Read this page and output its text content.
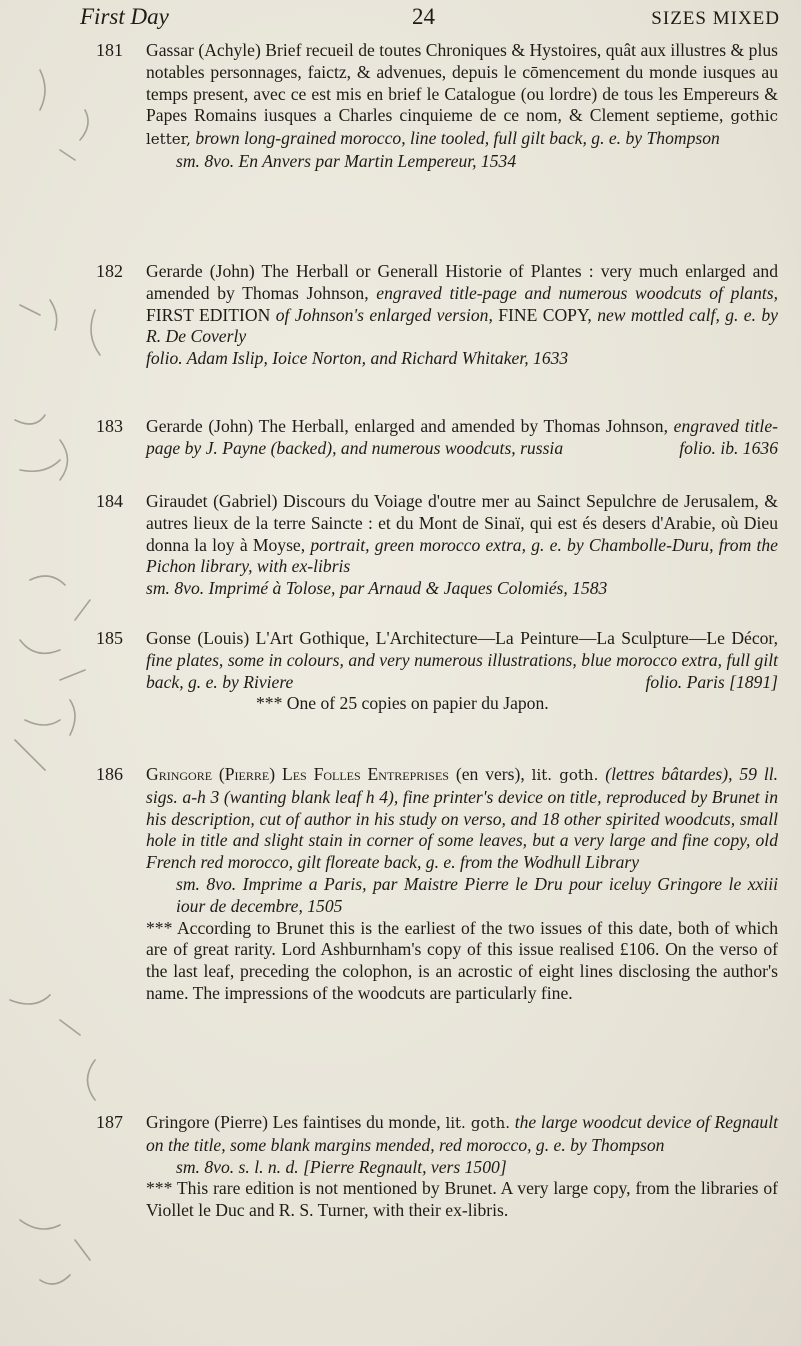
First Day	24	SIZES MIXED
181 Gassar (Achyle) Brief recueil de toutes Chroniques & Hystoires, quât aux illustres & plus notables personnages, faictz, & advenues, depuis le cōmencement du monde iusques au temps present, avec ce est mis en brief le Catalogue (ou lordre) de tous les Empereurs & Papes Romains iusques a Charles cinquieme de ce nom, & Clement septieme, gothic letter, brown long-grained morocco, line tooled, full gilt back, g. e. by Thompson
sm. 8vo. En Anvers par Martin Lempereur, 1534
182 Gerarde (John) The Herball or Generall Historie of Plantes : very much enlarged and amended by Thomas Johnson, engraved title-page and numerous woodcuts of plants, FIRST EDITION of Johnson's enlarged version, FINE COPY, new mottled calf, g. e. by R. De Coverly
folio. Adam Islip, Ioice Norton, and Richard Whitaker, 1633
183 Gerarde (John) The Herball, enlarged and amended by Thomas Johnson, engraved title-page by J. Payne (backed), and numerous woodcuts, russia	folio. ib. 1636
184 Giraudet (Gabriel) Discours du Voiage d'outre mer au Sainct Sepulchre de Jerusalem, & autres lieux de la terre Saincte : et du Mont de Sinaï, qui est és desers d'Arabie, où Dieu donna la loy à Moyse, portrait, green morocco extra, g. e. by Chambolle-Duru, from the Pichon library, with ex-libris
sm. 8vo. Imprimé à Tolose, par Arnaud & Jaques Colomiés, 1583
185 Gonse (Louis) L'Art Gothique, L'Architecture—La Peinture—La Sculpture—Le Décor, fine plates, some in colours, and very numerous illustrations, blue morocco extra, full gilt back, g. e. by Riviere	folio. Paris [1891]
*** One of 25 copies on papier du Japon.
186 Gringore (Pierre) Les Folles Entreprises (en vers), lit. goth. (lettres bâtardes), 59 ll. sigs. a-h 3 (wanting blank leaf h 4), fine printer's device on title, reproduced by Brunet in his description, cut of author in his study on verso, and 18 other spirited woodcuts, small hole in title and slight stain in corner of some leaves, but a very large and fine copy, old French red morocco, gilt floreate back, g. e. from the Wodhull Library
sm. 8vo. Imprime a Paris, par Maistre Pierre le Dru pour iceluy Gringore le xxiii iour de decembre, 1505
*** According to Brunet this is the earliest of the two issues of this date, both of which are of great rarity. Lord Ashburnham's copy of this issue realised £106. On the verso of the last leaf, preceding the colophon, is an acrostic of eight lines disclosing the author's name. The impressions of the woodcuts are particularly fine.
187 Gringore (Pierre) Les faintises du monde, lit. goth. the large woodcut device of Regnault on the title, some blank margins mended, red morocco, g. e. by Thompson
sm. 8vo. s. l. n. d. [Pierre Regnault, vers 1500]
*** This rare edition is not mentioned by Brunet. A very large copy, from the libraries of Viollet le Duc and R. S. Turner, with their ex-libris.
